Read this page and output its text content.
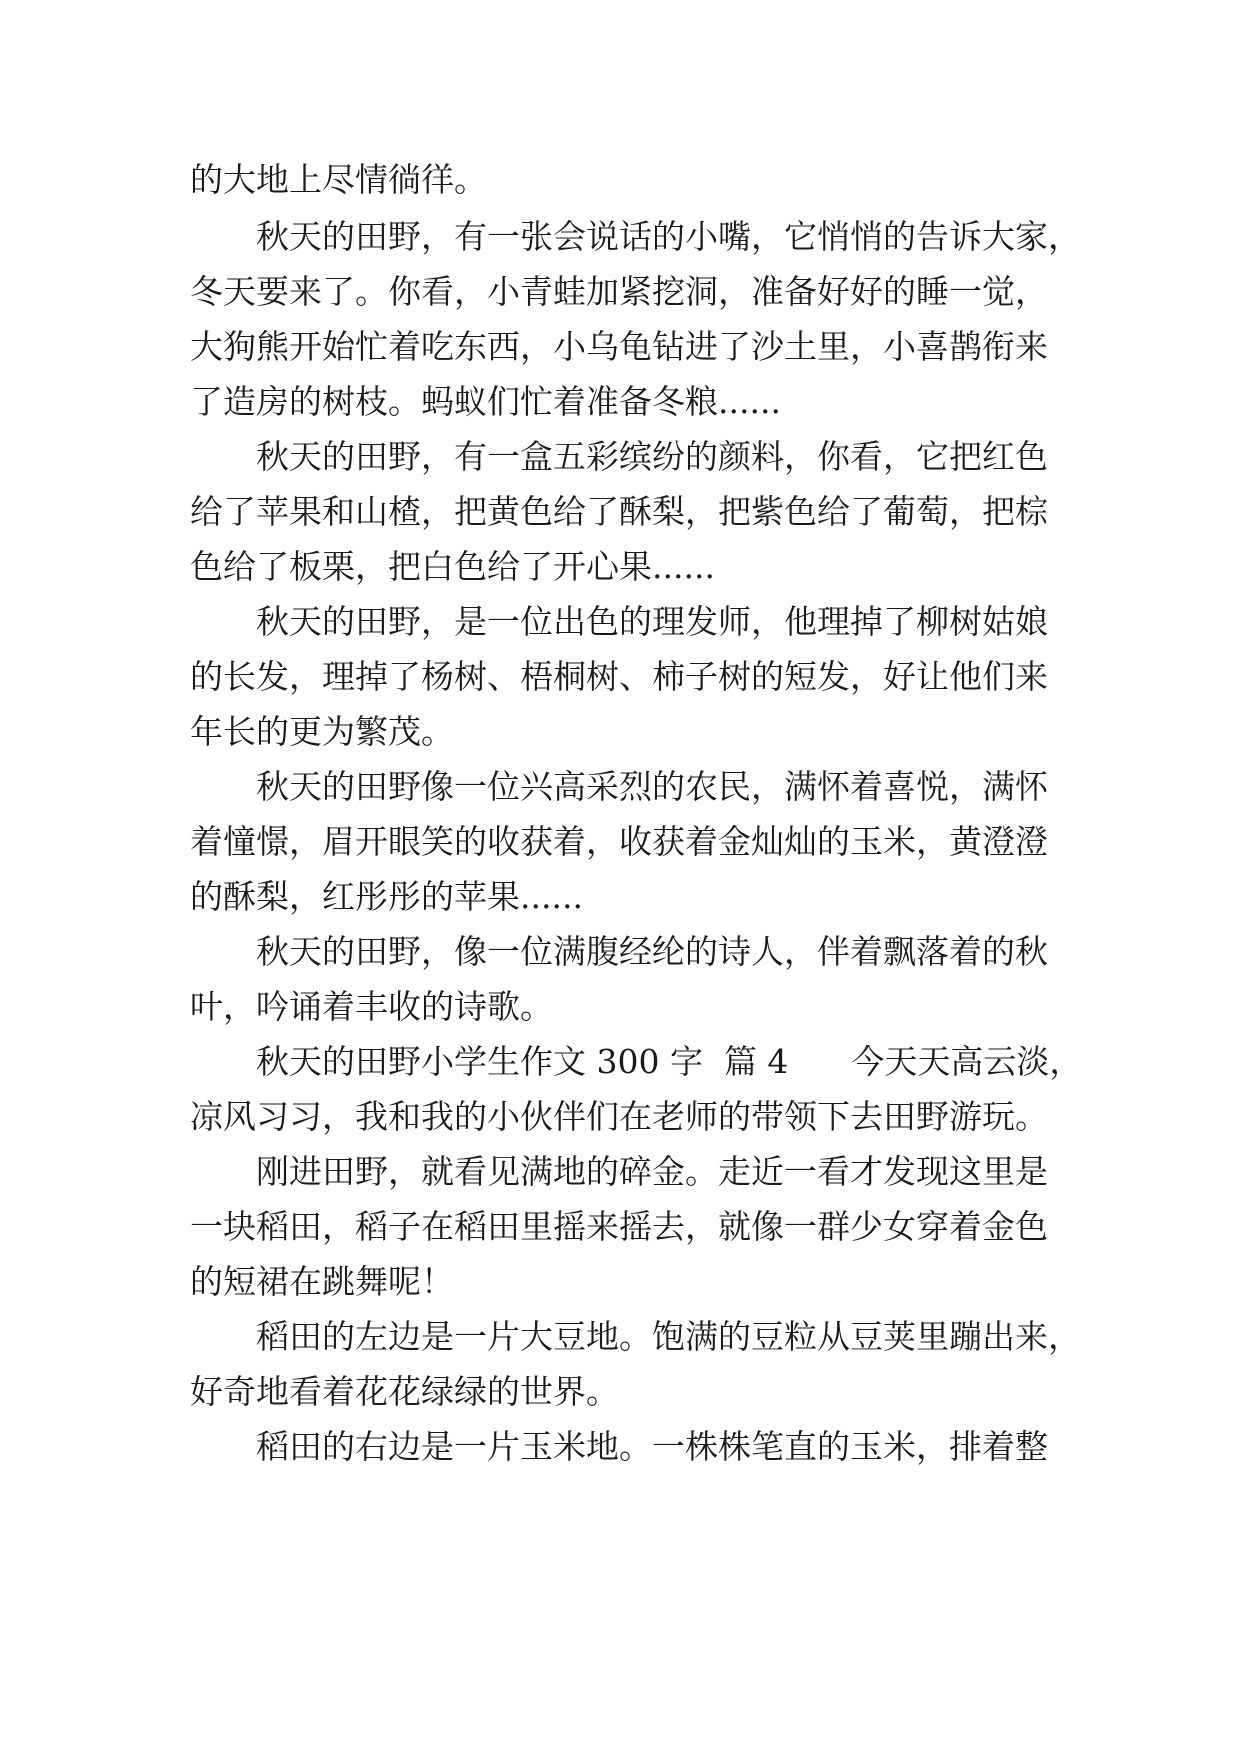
的大地上尽情徜徉。
秋天的田野，有一张会说话的小嘴，它悄悄的告诉大家，
冬天要来了。你看，小青蛙加紧挖洞，准备好好的睡一觉，
大狗熊开始忙着吃东西，小乌龟钻进了沙土里，小喜鹊衔来
了造房的树枝。蚂蚁们忙着准备冬粮......
秋天的田野，有一盒五彩缤纷的颜料，你看，它把红色
给了苹果和山楂，把黄色给了酥梨，把紫色给了葡萄，把棕
色给了板栗，把白色给了开心果......
秋天的田野，是一位出色的理发师，他理掉了柳树姑娘
的长发，理掉了杨树、梧桐树、柿子树的短发，好让他们来
年长的更为繁茂。
秋天的田野像一位兴高采烈的农民，满怀着喜悦，满怀
着憧憬，眉开眼笑的收获着，收获着金灿灿的玉米，黄澄澄
的酥梨，红彤彤的苹果......
秋天的田野，像一位满腹经纶的诗人，伴着飘落着的秋
叶，吟诵着丰收的诗歌。
秋天的田野小学生作文 300 字  篇 4      今天天高云淡，
凉风习习，我和我的小伙伴们在老师的带领下去田野游玩。
刚进田野，就看见满地的碎金。走近一看才发现这里是
一块稻田，稻子在稻田里摇来摇去，就像一群少女穿着金色
的短裙在跳舞呢！
稻田的左边是一片大豆地。饱满的豆粒从豆荚里蹦出来，
好奇地看着花花绿绿的世界。
稻田的右边是一片玉米地。一株株笔直的玉米，排着整
